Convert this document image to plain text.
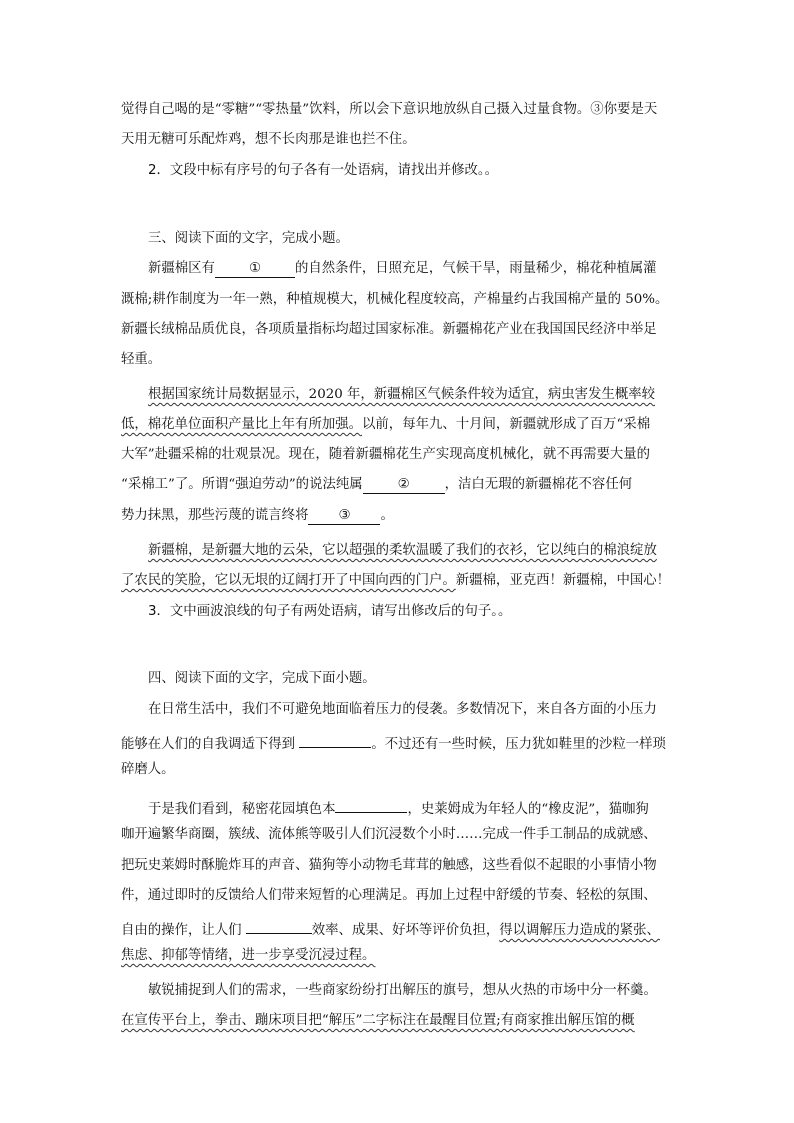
觉得自己喝的是“零糖”“零热量”饮料，所以会下意识地放纵自己摄入过量食物。③你要是天
天用无糖可乐配炸鸡，想不长肉那是谁也拦不住。
2．文段中标有序号的句子各有一处语病，请找出并修改。。
三、阅读下面的文字，完成小题。
新疆棉区有	①	的自然条件，日照充足，气候干旱，雨量稀少，棉花种植属灌
溉棉;耕作制度为一年一熟，种植规模大，机械化程度较高，产棉量约占我国棉产量的 50%。
新疆长绒棉品质优良，各项质量指标均超过国家标准。新疆棉花产业在我国国民经济中举足
轻重。
根据国家统计局数据显示，2020 年，新疆棉区气候条件较为适宜，病虫害发生概率较
低，棉花单位面积产量比上年有所加强。以前，每年九、十月间，新疆就形成了百万“采棉
大军”赴疆采棉的壮观景况。现在，随着新疆棉花生产实现高度机械化，就不再需要大量的
“采棉工”了。所谓“强迫劳动”的说法纯属	②	，洁白无瑕的新疆棉花不容任何
势力抹黑，那些污蔑的谎言终将 ③ 。
新疆棉，是新疆大地的云朵，它以超强的柔软温暖了我们的衣衫，它以纯白的棉浪绽放
了农民的笑脸，它以无垠的辽阔打开了中国向西的门户。新疆棉，亚克西！新疆棉，中国心！
3．文中画波浪线的句子有两处语病，请写出修改后的句子。。
四、阅读下面的文字，完成下面小题。
在日常生活中，我们不可避免地面临着压力的侵袭。多数情况下，来自各方面的小压力
能够在人们的自我调适下得到	。不过还有一些时候，压力犹如鞋里的沙粒一样琐
碎磨人。
于是我们看到，秘密花园填色本	，史莱姆成为年轻人的“橡皮泥”，猫咖狗
咖开遍繁华商圈，簇绒、流体熊等吸引人们沉浸数个小时……完成一件手工制品的成就感、
把玩史莱姆时酥脆炸耳的声音、猫狗等小动物毛茸茸的触感，这些看似不起眼的小事情小物
件，通过即时的反馈给人们带来短暂的心理满足。再加上过程中舒缓的节奏、轻松的氛围、
自由的操作，让人们	效率、成果、好坏等评价负担，得以调解压力造成的紧张、
焦虑、抑郁等情绪，进一步享受沉浸过程。
敏锐捕捉到人们的需求，一些商家纷纷打出解压的旗号，想从火热的市场中分一杯羹。
在宣传平台上，拳击、蹦床项目把“解压”二字标注在最醒目位置;有商家推出解压馆的概
